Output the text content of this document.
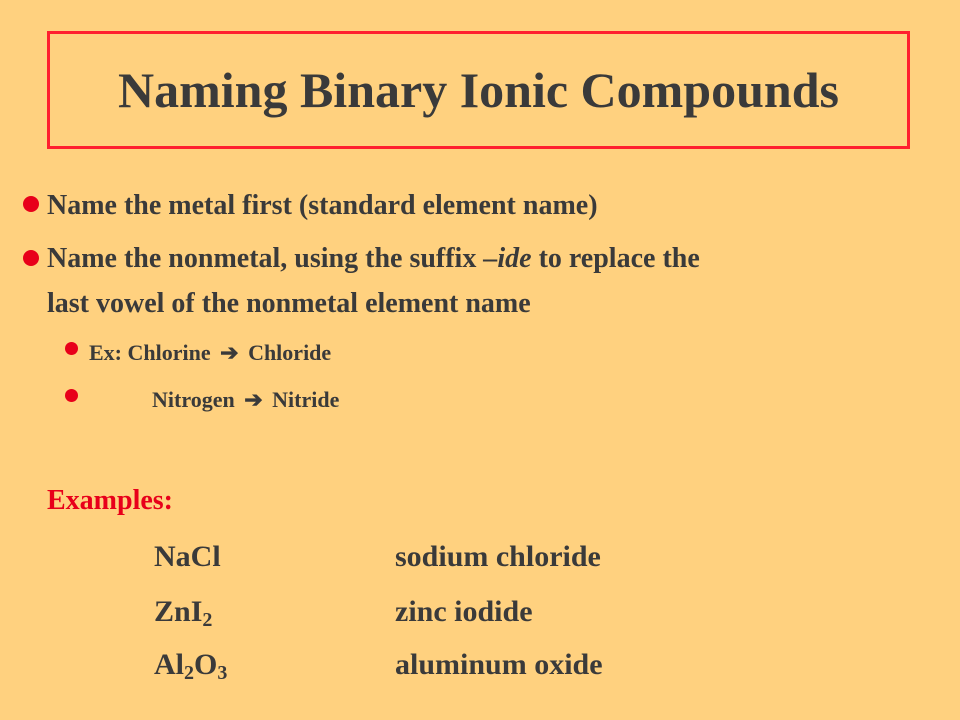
Naming Binary Ionic Compounds
Name the metal first (standard element name)
Name the nonmetal, using the suffix –ide to replace the
last vowel of the nonmetal element name
Ex: Chlorine ➔ Chloride
Nitrogen ➔ Nitride
Examples:
NaCl	sodium chloride
ZnI$_2$	zinc iodide
$Al_2O_3$	aluminum oxide
